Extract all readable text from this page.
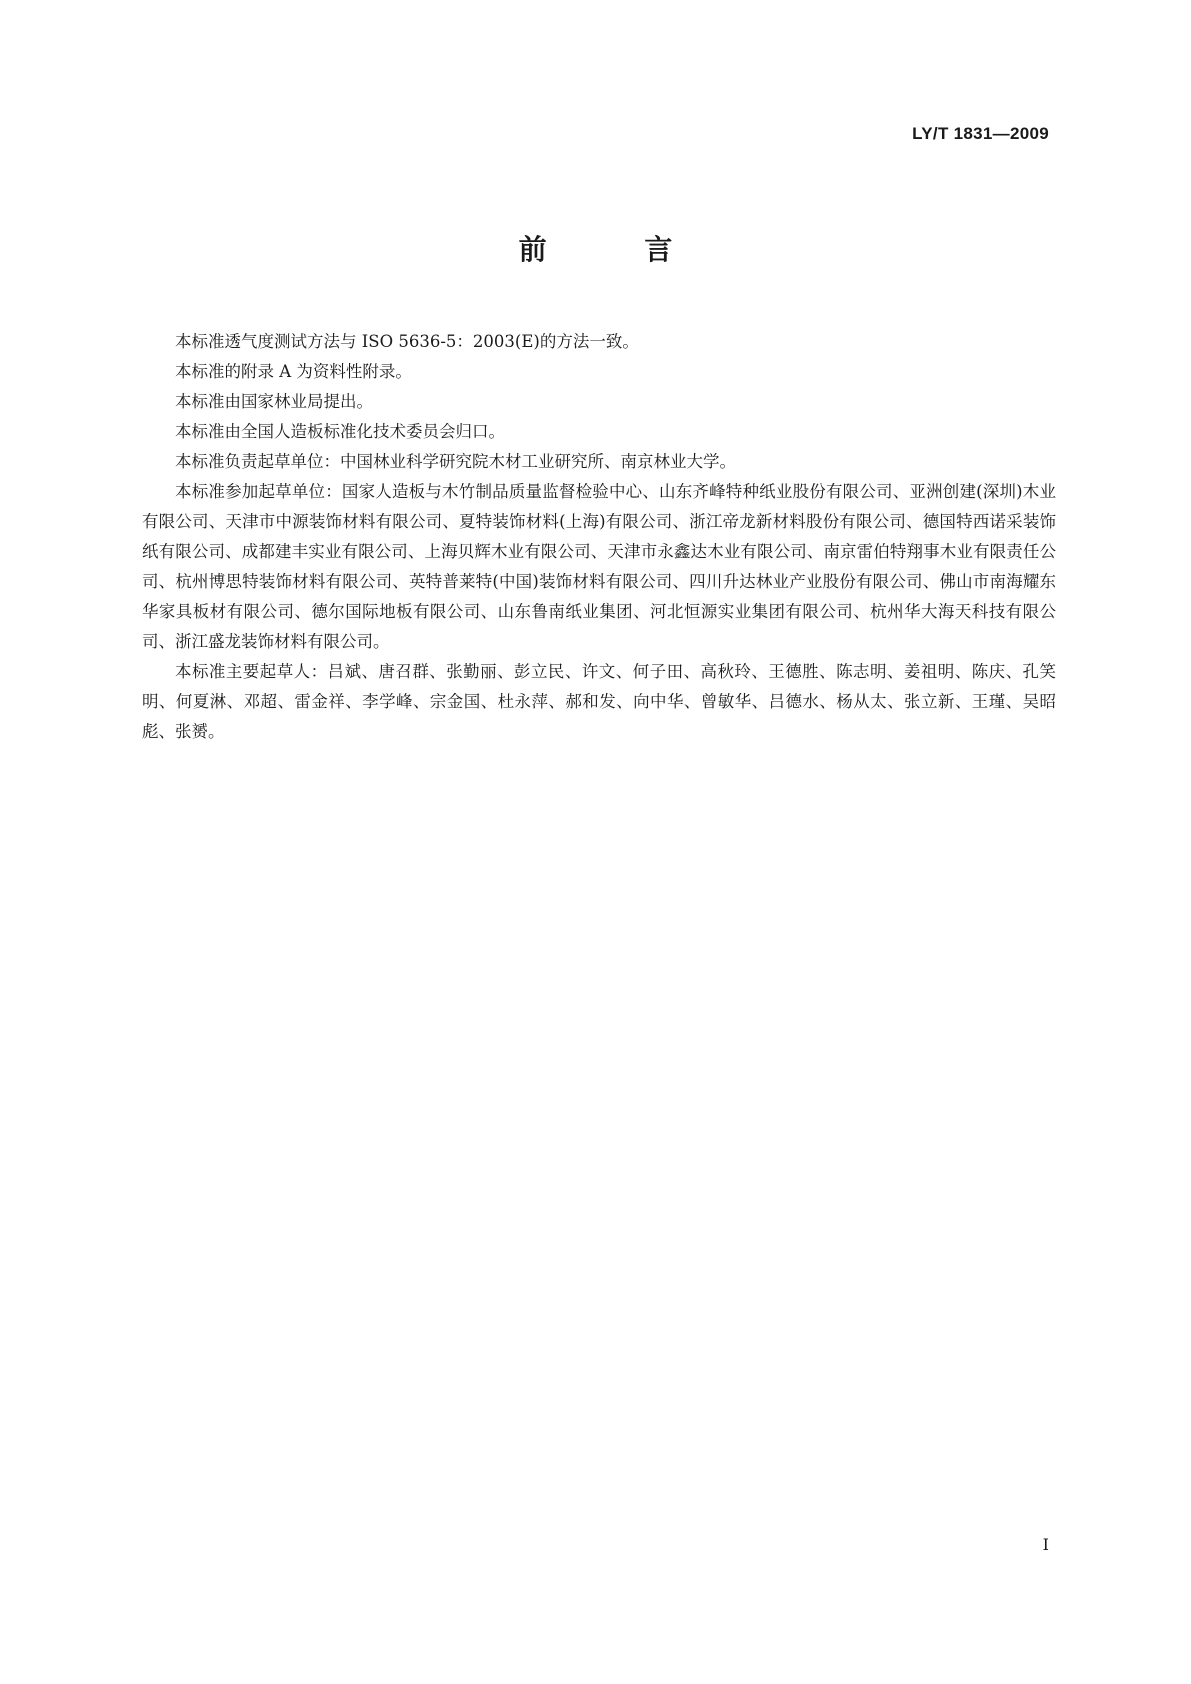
LY/T 1831—2009
前 言

本标准透气度测试方法与 ISO 5636-5：2003(E)的方法一致。

本标准的附录 A 为资料性附录。

本标准由国家林业局提出。

本标准由全国人造板标准化技术委员会归口。

本标准负责起草单位：中国林业科学研究院木材工业研究所、南京林业大学。

本标准参加起草单位：国家人造板与木竹制品质量监督检验中心、山东齐峰特种纸业股份有限公司、亚洲创建(深圳)木业有限公司、天津市中源装饰材料有限公司、夏特装饰材料(上海)有限公司、浙江帝龙新材料股份有限公司、德国特西诺采装饰纸有限公司、成都建丰实业有限公司、上海贝辉木业有限公司、天津市永鑫达木业有限公司、南京雷伯特翔事木业有限责任公司、杭州博思特装饰材料有限公司、英特普莱特(中国)装饰材料有限公司、四川升达林业产业股份有限公司、佛山市南海耀东华家具板材有限公司、德尔国际地板有限公司、山东鲁南纸业集团、河北恒源实业集团有限公司、杭州华大海天科技有限公司、浙江盛龙装饰材料有限公司。

本标准主要起草人：吕斌、唐召群、张勤丽、彭立民、许文、何子田、高秋玲、王德胜、陈志明、姜祖明、陈庆、孔笑明、何夏淋、邓超、雷金祥、李学峰、宗金国、杜永萍、郝和发、向中华、曾敏华、吕德水、杨从太、张立新、王瑾、吴昭彪、张赟。

I
